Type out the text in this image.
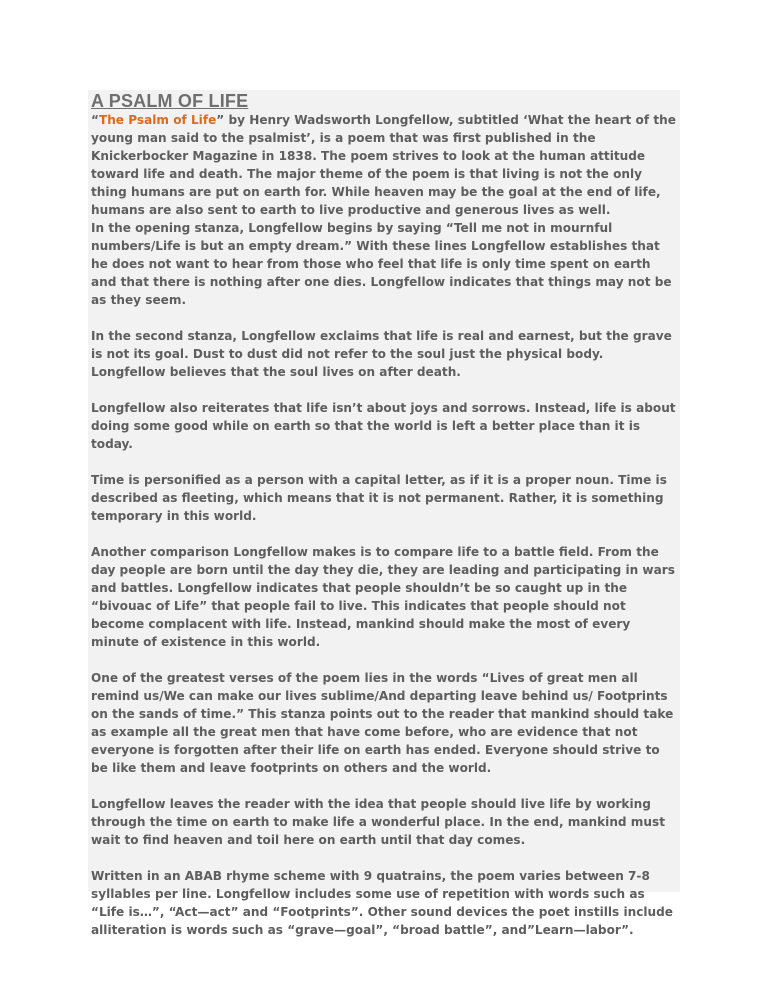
A PSALM OF LIFE

“The Psalm of Life” by Henry Wadsworth Longfellow, subtitled ‘What the heart of the young man said to the psalmist’, is a poem that was first published in the Knickerbocker Magazine in 1838. The poem strives to look at the human attitude toward life and death. The major theme of the poem is that living is not the only thing humans are put on earth for. While heaven may be the goal at the end of life, humans are also sent to earth to live productive and generous lives as well.

In the opening stanza, Longfellow begins by saying “Tell me not in mournful numbers/Life is but an empty dream.” With these lines Longfellow establishes that he does not want to hear from those who feel that life is only time spent on earth and that there is nothing after one dies. Longfellow indicates that things may not be as they seem.

In the second stanza, Longfellow exclaims that life is real and earnest, but the grave is not its goal. Dust to dust did not refer to the soul just the physical body. Longfellow believes that the soul lives on after death.

Longfellow also reiterates that life isn’t about joys and sorrows. Instead, life is about doing some good while on earth so that the world is left a better place than it is today.

Time is personified as a person with a capital letter, as if it is a proper noun. Time is described as fleeting, which means that it is not permanent. Rather, it is something temporary in this world.

Another comparison Longfellow makes is to compare life to a battle field. From the day people are born until the day they die, they are leading and participating in wars and battles. Longfellow indicates that people shouldn’t be so caught up in the “bivouac of Life” that people fail to live. This indicates that people should not become complacent with life. Instead, mankind should make the most of every minute of existence in this world.

One of the greatest verses of the poem lies in the words “Lives of great men all remind us/We can make our lives sublime/And departing leave behind us/ Footprints on the sands of time.” This stanza points out to the reader that mankind should take as example all the great men that have come before, who are evidence that not everyone is forgotten after their life on earth has ended. Everyone should strive to be like them and leave footprints on others and the world.

Longfellow leaves the reader with the idea that people should live life by working through the time on earth to make life a wonderful place. In the end, mankind must wait to find heaven and toil here on earth until that day comes.

Written in an ABAB rhyme scheme with 9 quatrains, the poem varies between 7-8 syllables per line. Longfellow includes some use of repetition with words such as “Life is…”, “Act—act” and “Footprints”. Other sound devices the poet instills include alliteration is words such as “grave—goal”, “broad battle”, and”Learn—labor”.
